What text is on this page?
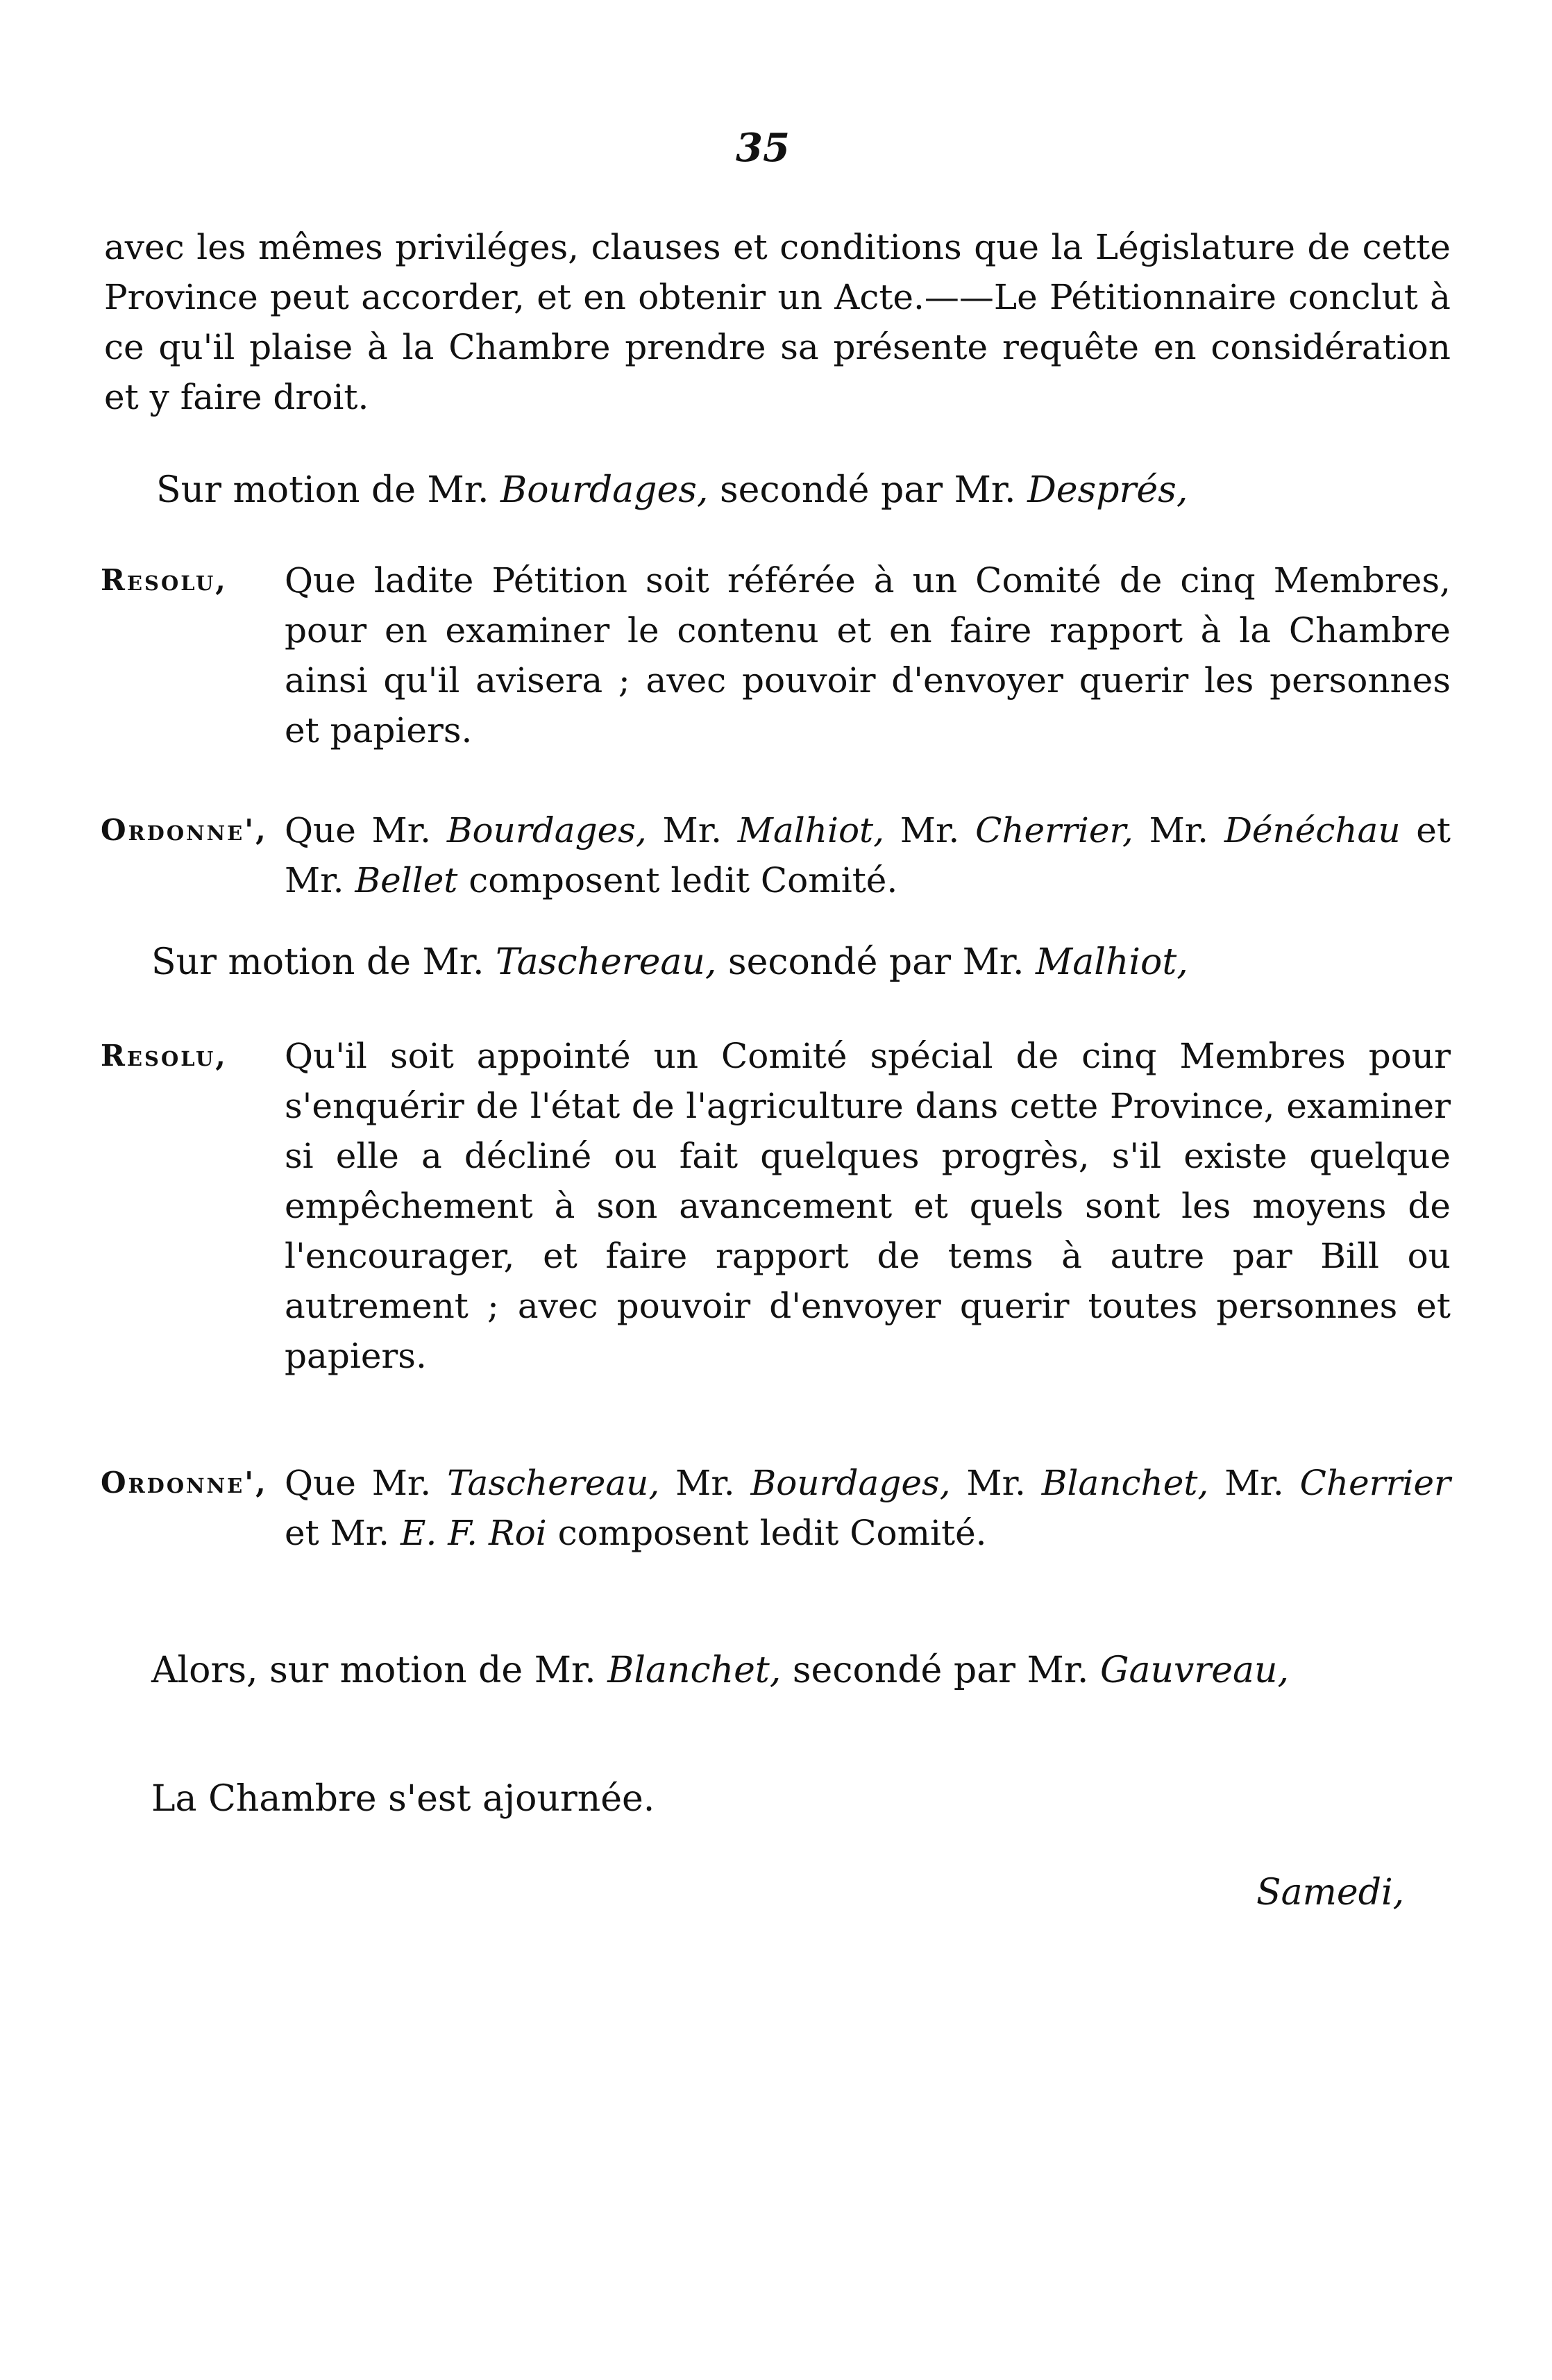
35
avec les mêmes priviléges, clauses et conditions que la Législature de cette Province peut accorder, et en obtenir un Acte.——Le Pétitionnaire conclut à ce qu'il plaise à la Chambre prendre sa présente requête en considération et y faire droit.
Sur motion de Mr. Bourdages, secondé par Mr. Després,
Resolu, Que ladite Pétition soit référée à un Comité de cinq Membres, pour en examiner le contenu et en faire rapport à la Chambre ainsi qu'il avisera ; avec pouvoir d'envoyer querir les personnes et papiers.
Ordonne', Que Mr. Bourdages, Mr. Malhiot, Mr. Cherrier, Mr. Dénéchau et Mr. Bellet composent ledit Comité.
Sur motion de Mr. Taschereau, secondé par Mr. Malhiot,
Resolu, Qu'il soit appointé un Comité spécial de cinq Membres pour s'enquérir de l'état de l'agriculture dans cette Province, examiner si elle a décliné ou fait quelques progrès, s'il existe quelque empêchement à son avancement et quels sont les moyens de l'encourager, et faire rapport de tems à autre par Bill ou autrement ; avec pouvoir d'envoyer querir toutes personnes et papiers.
Ordonne', Que Mr. Taschereau, Mr. Bourdages, Mr. Blanchet, Mr. Cherrier et Mr. E. F. Roi composent ledit Comité.
Alors, sur motion de Mr. Blanchet, secondé par Mr. Gauvreau,
La Chambre s'est ajournée.
Samedi,
